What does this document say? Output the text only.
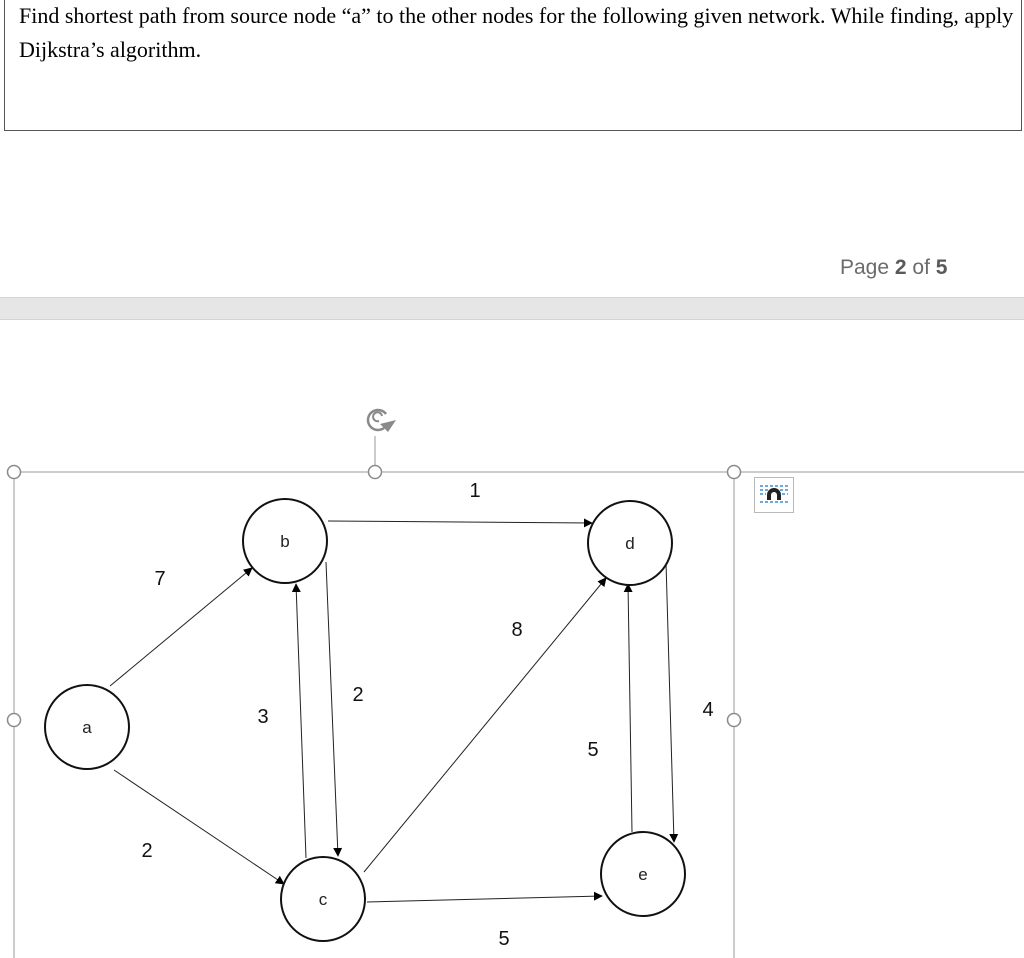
Find shortest path from source node “a” to the other nodes for the following given network. While finding, apply Dijkstra’s algorithm.

Page 2 of 5
a
b
c
d
e
7
2
3
2
1
8
5
5
4
